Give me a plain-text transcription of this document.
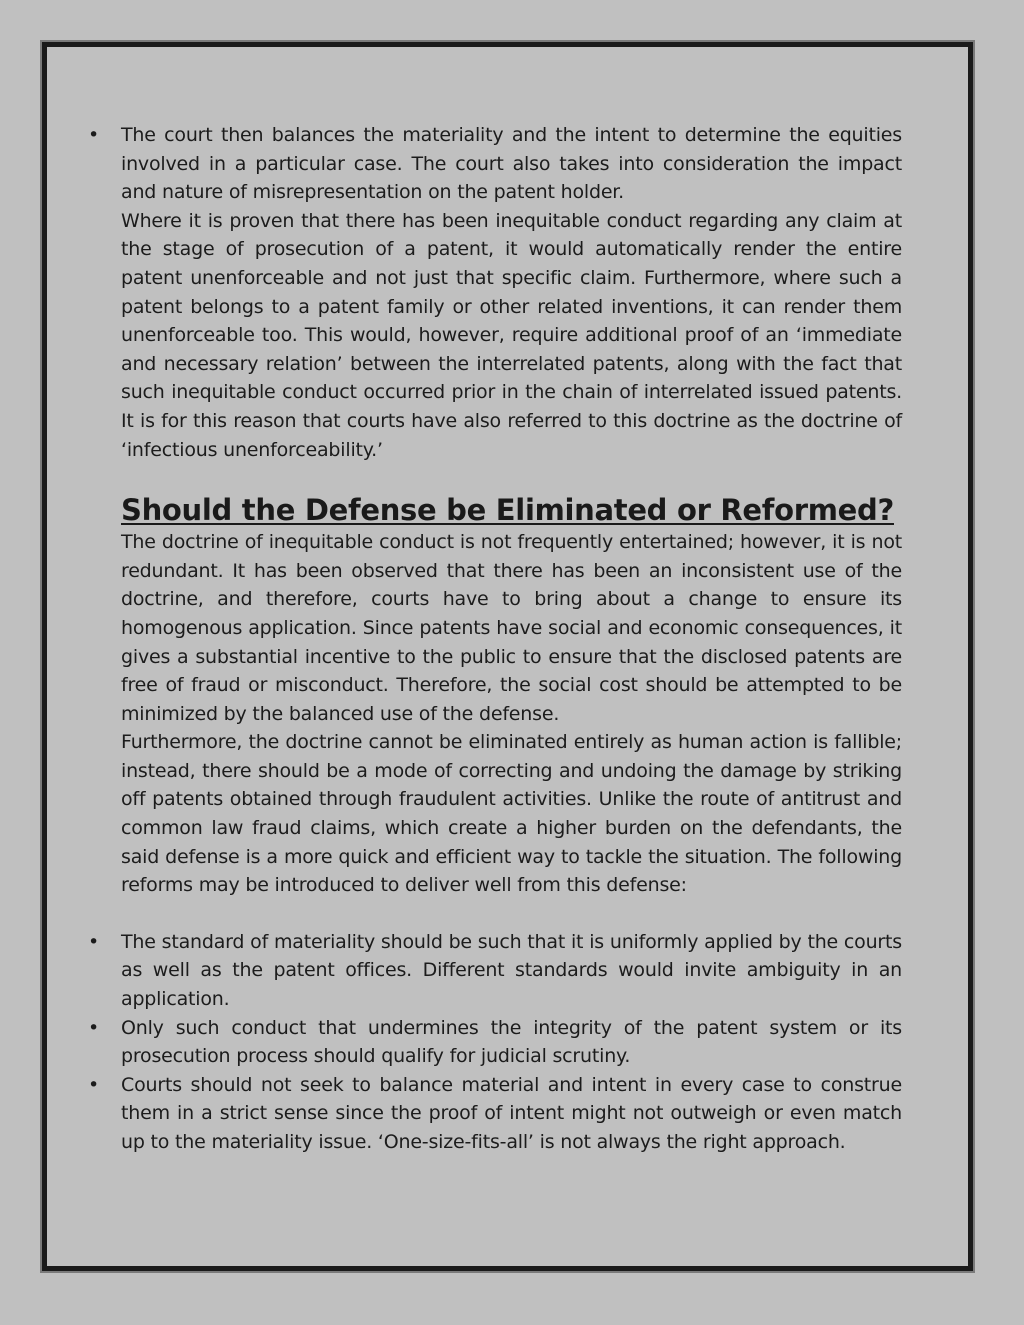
•	The court then balances the materiality and the intent to determine the equities involved in a particular case. The court also takes into consideration the impact and nature of misrepresentation on the patent holder.

Where it is proven that there has been inequitable conduct regarding any claim at the stage of prosecution of a patent, it would automatically render the entire patent unenforceable and not just that specific claim. Furthermore, where such a patent belongs to a patent family or other related inventions, it can render them unenforceable too. This would, however, require additional proof of an ‘immediate and necessary relation’ between the interrelated patents, along with the fact that such inequitable conduct occurred prior in the chain of interrelated issued patents. It is for this reason that courts have also referred to this doctrine as the doctrine of ‘infectious unenforceability.’

Should the Defense be Eliminated or Reformed?

The doctrine of inequitable conduct is not frequently entertained; however, it is not redundant. It has been observed that there has been an inconsistent use of the doctrine, and therefore, courts have to bring about a change to ensure its homogenous application. Since patents have social and economic consequences, it gives a substantial incentive to the public to ensure that the disclosed patents are free of fraud or misconduct. Therefore, the social cost should be attempted to be minimized by the balanced use of the defense.

Furthermore, the doctrine cannot be eliminated entirely as human action is fallible; instead, there should be a mode of correcting and undoing the damage by striking off patents obtained through fraudulent activities. Unlike the route of antitrust and common law fraud claims, which create a higher burden on the defendants, the said defense is a more quick and efficient way to tackle the situation. The following reforms may be introduced to deliver well from this defense:

•	The standard of materiality should be such that it is uniformly applied by the courts as well as the patent offices. Different standards would invite ambiguity in an application.
•	Only such conduct that undermines the integrity of the patent system or its prosecution process should qualify for judicial scrutiny.
•	Courts should not seek to balance material and intent in every case to construe them in a strict sense since the proof of intent might not outweigh or even match up to the materiality issue. ‘One-size-fits-all’ is not always the right approach.
